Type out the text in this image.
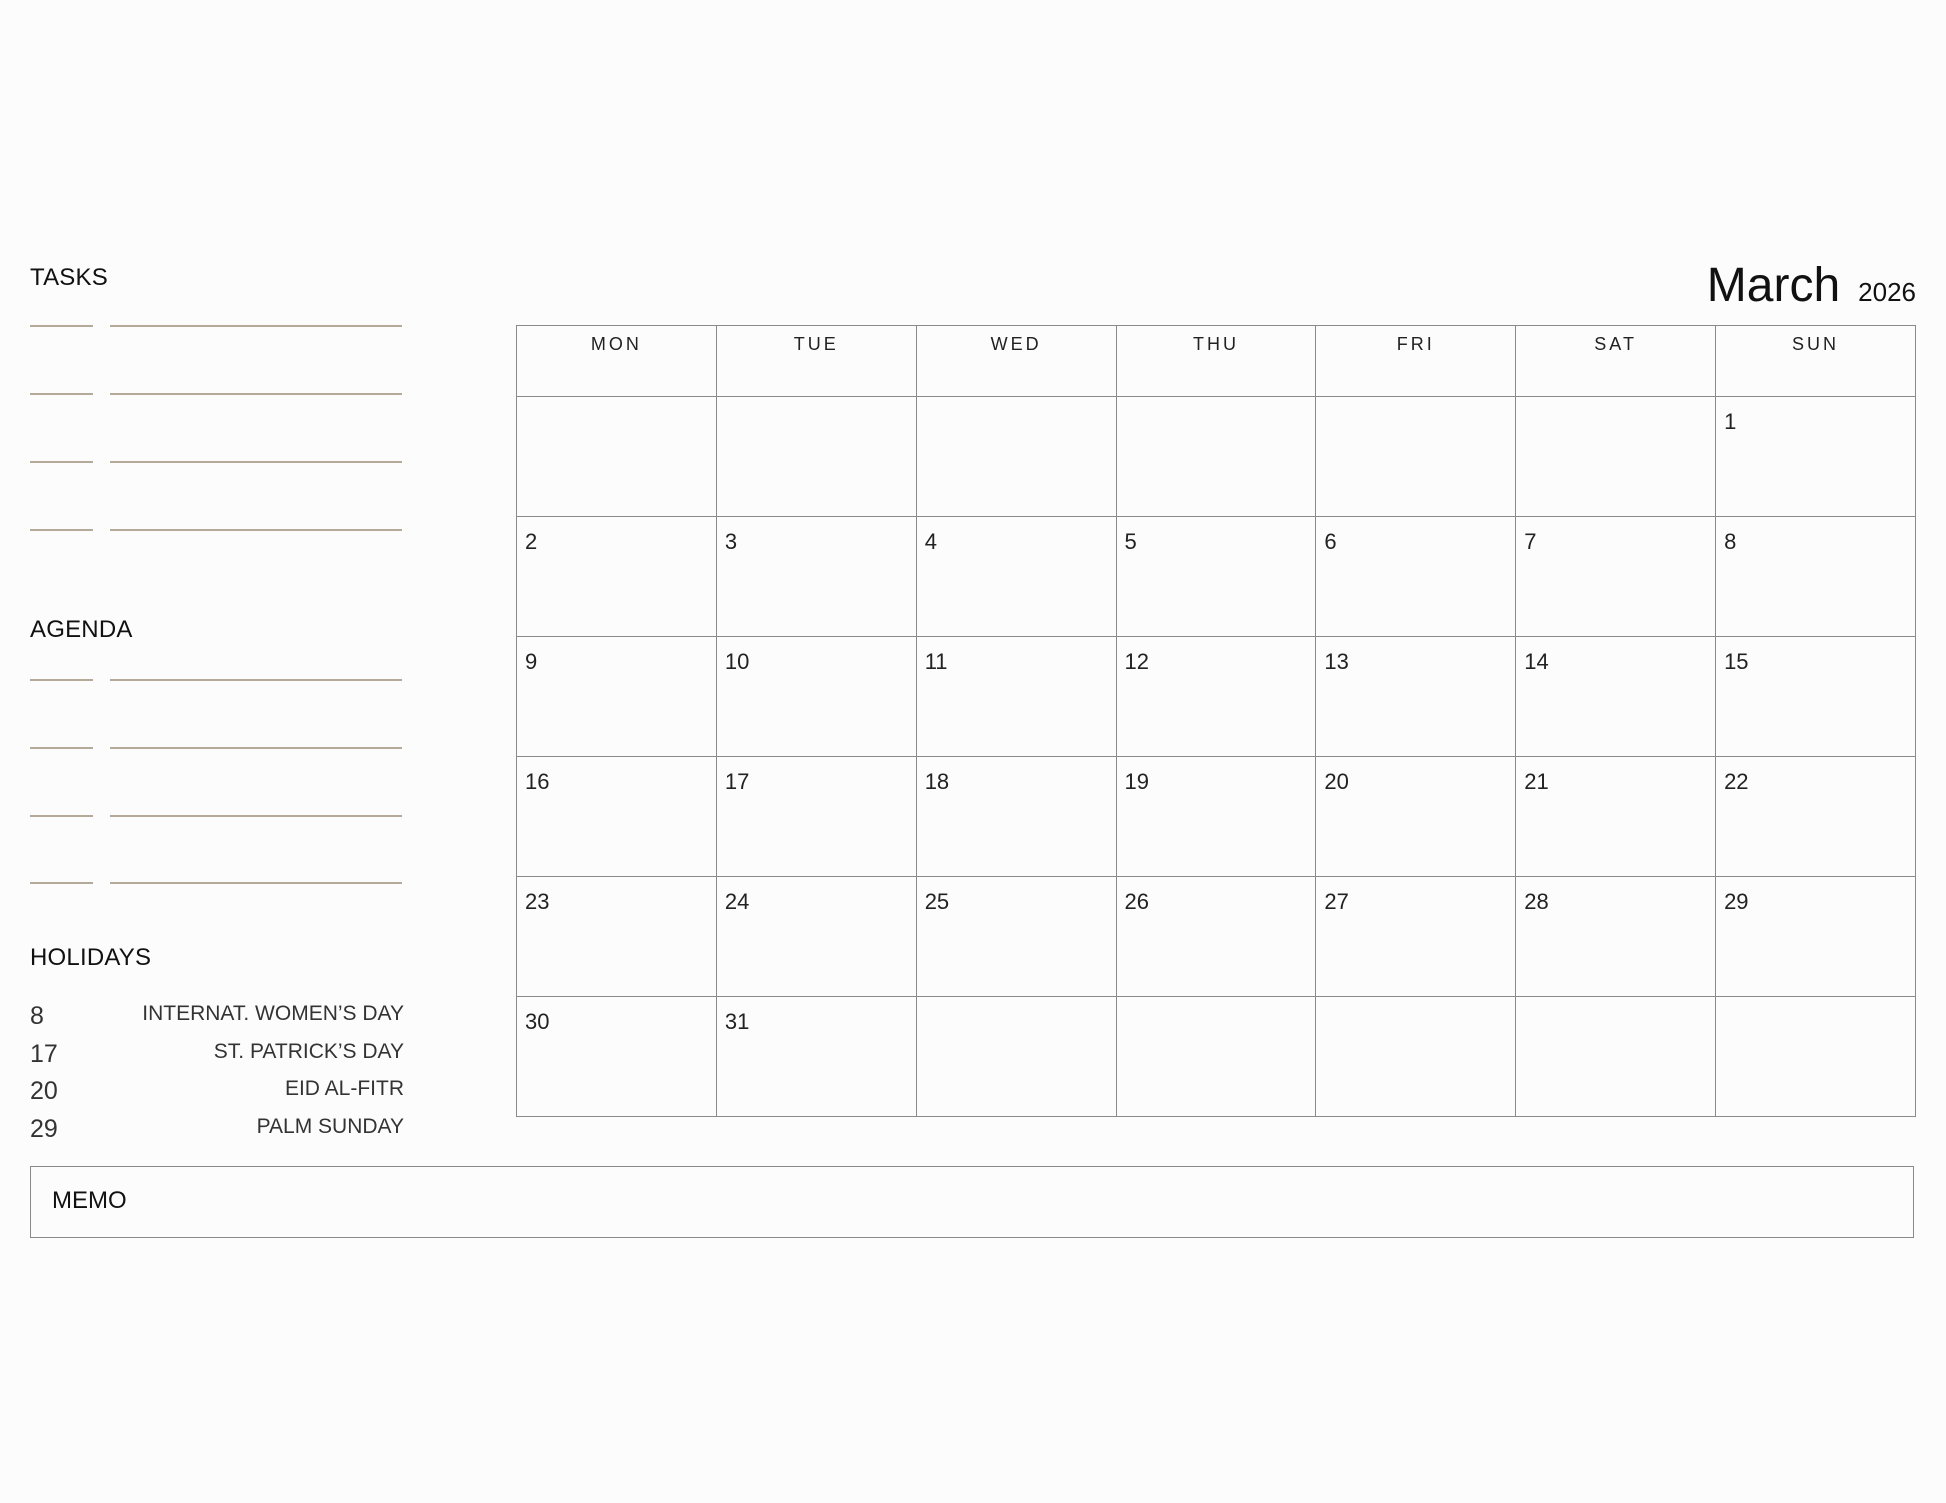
TASKS
AGENDA
HOLIDAYS
8	INTERNAT. WOMEN’S DAY
17	ST. PATRICK’S DAY
20	EID AL-FITR
29	PALM SUNDAY
March 2026
MON	TUE	WED	THU	FRI	SAT	SUN

						1

2	3	4	5	6	7	8

9	10	11	12	13	14	15

16	17	18	19	20	21	22

23	24	25	26	27	28	29

30	31					

MEMO
